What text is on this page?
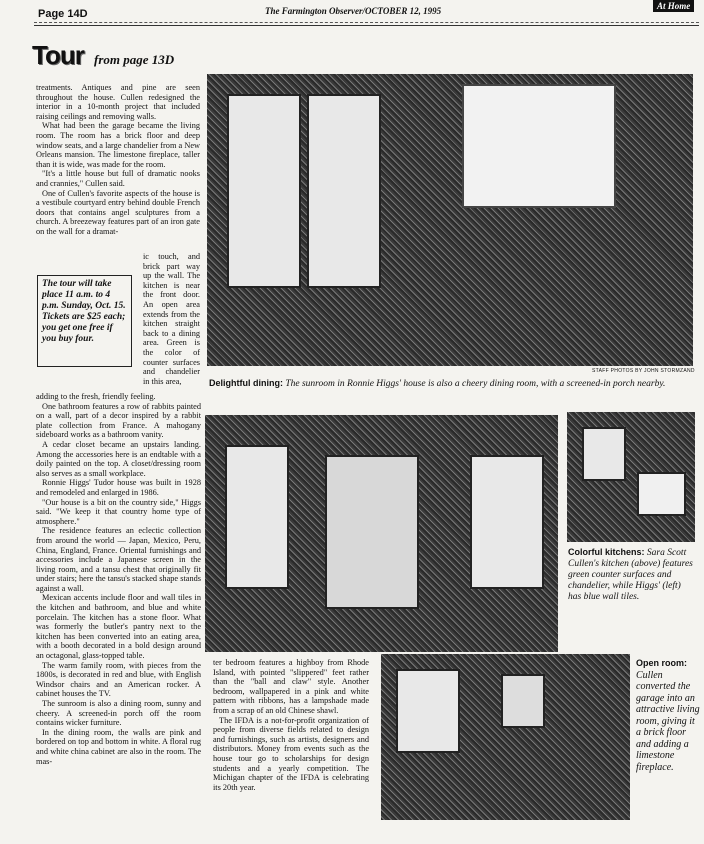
Page 14D	The Farmington Observer/OCTOBER 12, 1995	At Home
Tour from page 13D

treatments. Antiques and pine are seen throughout the house. Cullen redesigned the interior in a 10-month project that included raising ceilings and removing walls.

What had been the garage became the living room. The room has a brick floor and deep window seats, and a large chandelier from a New Orleans mansion. The limestone fireplace, taller than it is wide, was made for the room.

"It's a little house but full of dramatic nooks and crannies," Cullen said.

One of Cullen's favorite aspects of the house is a vestibule courtyard entry behind double French doors that contains angel sculptures from a church. A breezeway features part of an iron gate on the wall for a dramat-

The tour will take place 11 a.m. to 4 p.m. Sunday, Oct. 15. Tickets are $25 each; you get one free if you buy four.

ic touch, and brick part way up the wall. The kitchen is near the front door. An open area extends from the kitchen straight back to a dining area. Green is the color of counter surfaces and chandelier in this area,

adding to the fresh, friendly feeling.

One bathroom features a row of rabbits painted on a wall, part of a decor inspired by a rabbit plate collection from France. A mahogany sideboard works as a bathroom vanity.

A cedar closet became an upstairs landing. Among the accessories here is an endtable with a doily painted on the top. A closet/dressing room also serves as a small workplace.

Ronnie Higgs' Tudor house was built in 1928 and remodeled and enlarged in 1986.

"Our house is a bit on the country side," Higgs said. "We keep it that country home type of atmosphere."

The residence features an eclectic collection from around the world — Japan, Mexico, Peru, China, England, France. Oriental furnishings and accessories include a Japanese screen in the living room, and a tansu chest that originally fit under stairs; here the tansu's stacked shape stands against a wall.

Mexican accents include floor and wall tiles in the kitchen and bathroom, and blue and white porcelain. The kitchen has a stone floor. What was formerly the butler's pantry next to the kitchen has been converted into an eating area, with a booth decorated in a bold design around an octagonal, glass-topped table.

The warm family room, with pieces from the 1800s, is decorated in red and blue, with English Windsor chairs and an American rocker. A cabinet houses the TV.

The sunroom is also a dining room, sunny and cheery. A screened-in porch off the room contains wicker furniture.

In the dining room, the walls are pink and bordered on top and bottom in white. A floral rug and white china cabinet are also in the room. The mas-

STAFF PHOTOS BY JOHN STORMZAND
Delightful dining: The sunroom in Ronnie Higgs' house is also a cheery dining room, with a screened-in porch nearby.
Colorful kitchens: Sara Scott Cullen's kitchen (above) features green counter surfaces and chandelier, while Higgs' (left) has blue wall tiles.

ter bedroom features a highboy from Rhode Island, with pointed "slippered" feet rather than the "ball and claw" style. Another bedroom, wallpapered in a pink and white pattern with ribbons, has a lampshade made from a scrap of an old Chinese shawl.

The IFDA is a not-for-profit organization of people from diverse fields related to design and furnishings, such as artists, designers and distributors. Money from events such as the house tour go to scholarships for design students and a yearly competition. The Michigan chapter of the IFDA is celebrating its 20th year.

Open room: Cullen converted the garage into an attractive living room, giving it a brick floor and adding a limestone fireplace.
